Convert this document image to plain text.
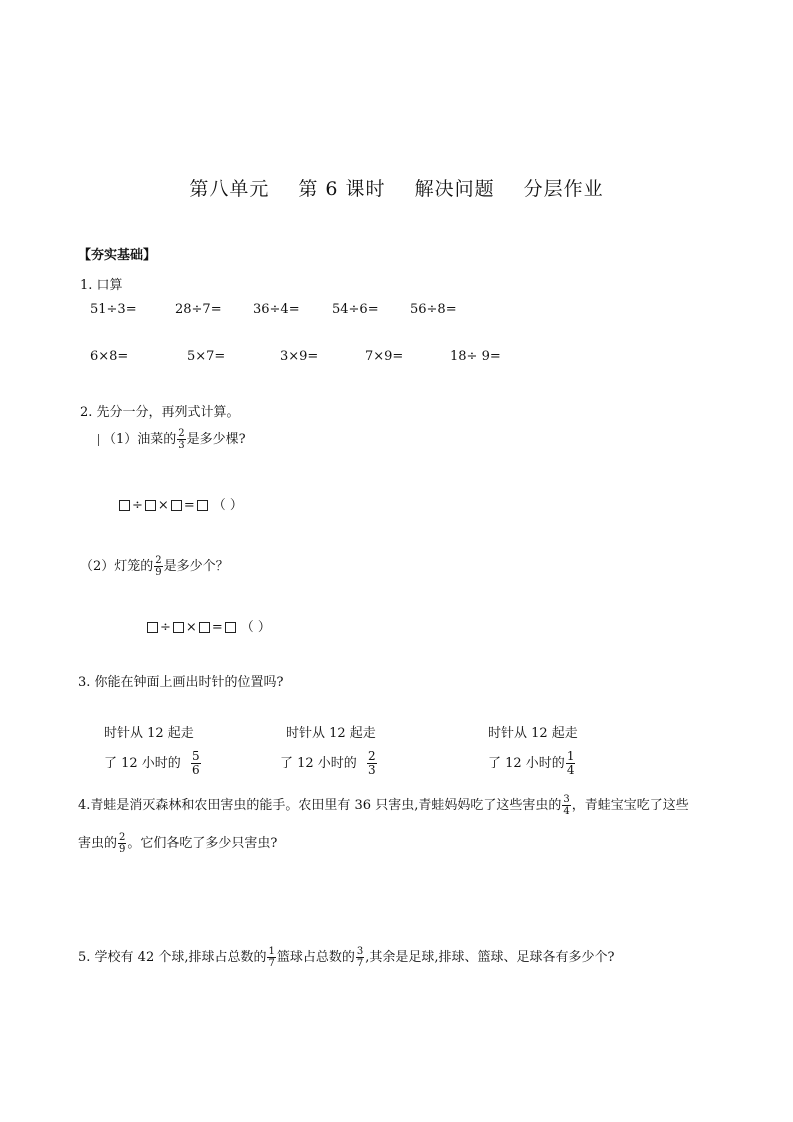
第八单元 第 6 课时 解决问题 分层作业
【夯实基础】
1. 口算
51÷3=	28÷7= 36÷4= 54÷6= 56÷8=
6×8=	5×7=	3×9=	7×9=	18÷ 9=
2. 先分一分，再列式计算。
（1）油菜的 $\frac{2}{3}$ 是多少棵?
÷ × = （ ）
（2）灯笼的 $\frac{2}{9}$ 是多少个？
÷ × = （ ）
3. 你能在钟面上画出时针的位置吗?
时针从 12 起走	时针从 12 起走	时针从 12 起走
了 12 小时的 $\frac{5}{6}$	了 12 小时的 $\frac{2}{3}$	了 12 小时的 $\frac{1}{4}$
4.青蛙是消灭森林和农田害虫的能手。农田里有 36 只害虫,青蛙妈妈吃了这些害虫的 $\frac{3}{4}$ ，青蛙宝宝吃了这些
害虫的 $\frac{2}{9}$ 。它们各吃了多少只害虫?
5. 学校有 42 个球,排球占总数的 $\frac{1}{7}$ 篮球占总数的 $\frac{3}{7}$ ,其余是足球,排球、篮球、足球各有多少个?
